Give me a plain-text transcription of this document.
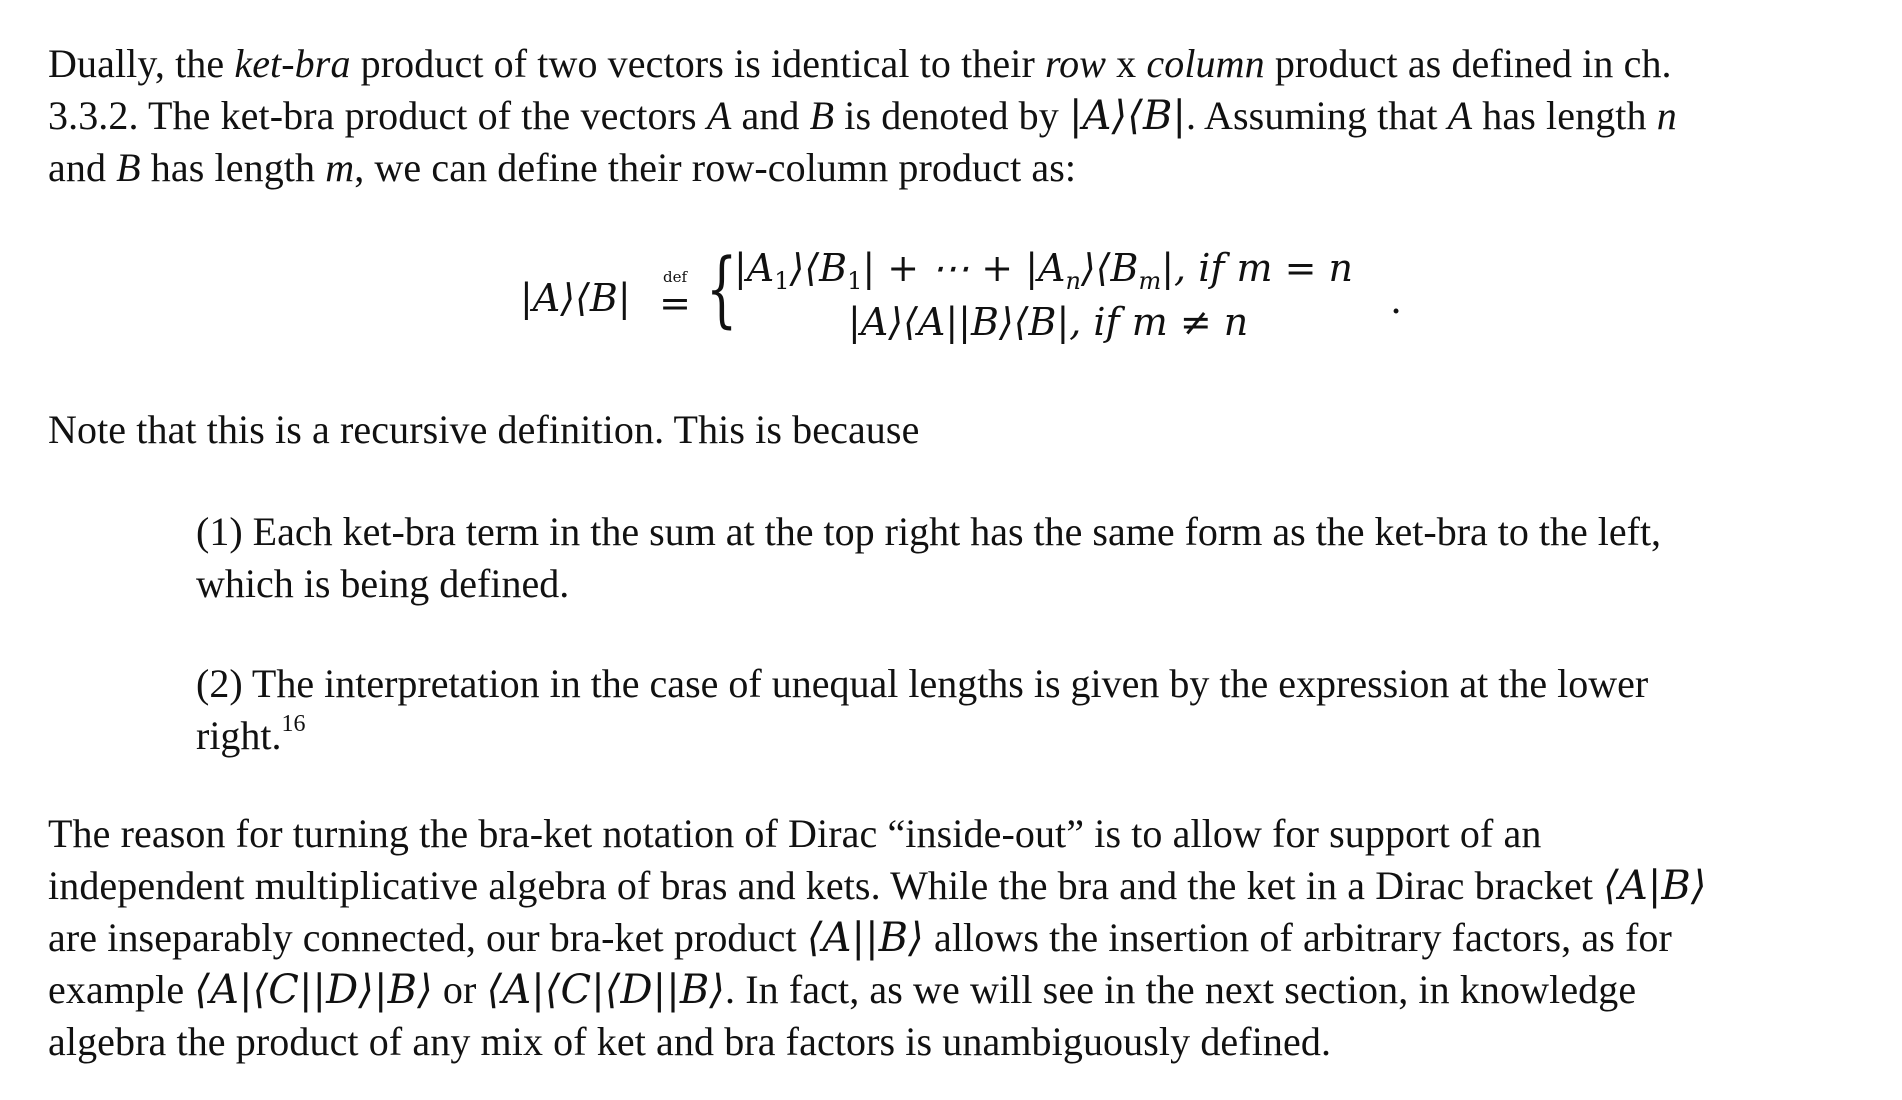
Dually, the ket-bra product of two vectors is identical to their row x column product as defined in ch.
3.3.2. The ket-bra product of the vectors A and B is denoted by |A⟩⟨B|. Assuming that A has length n
and B has length m, we can define their row-column product as:
|A⟩⟨B|	def
= {
$|A_1⟩⟨B_1|$ + ⋯ + $|A_n⟩⟨B_m|$, if m = n
|A⟩⟨A||B⟩⟨B|, if m ≠ n	.
Note that this is a recursive definition. This is because
(1) Each ket-bra term in the sum at the top right has the same form as the ket-bra to the left,
which is being defined.
(2) The interpretation in the case of unequal lengths is given by the expression at the lower
right.$^{16}$
The reason for turning the bra-ket notation of Dirac “inside-out” is to allow for support of an
independent multiplicative algebra of bras and kets. While the bra and the ket in a Dirac bracket ⟨A|B⟩
are inseparably connected, our bra-ket product ⟨A||B⟩ allows the insertion of arbitrary factors, as for
example ⟨A|⟨C||D⟩|B⟩ or ⟨A|⟨C|⟨D||B⟩. In fact, as we will see in the next section, in knowledge
algebra the product of any mix of ket and bra factors is unambiguously defined.
